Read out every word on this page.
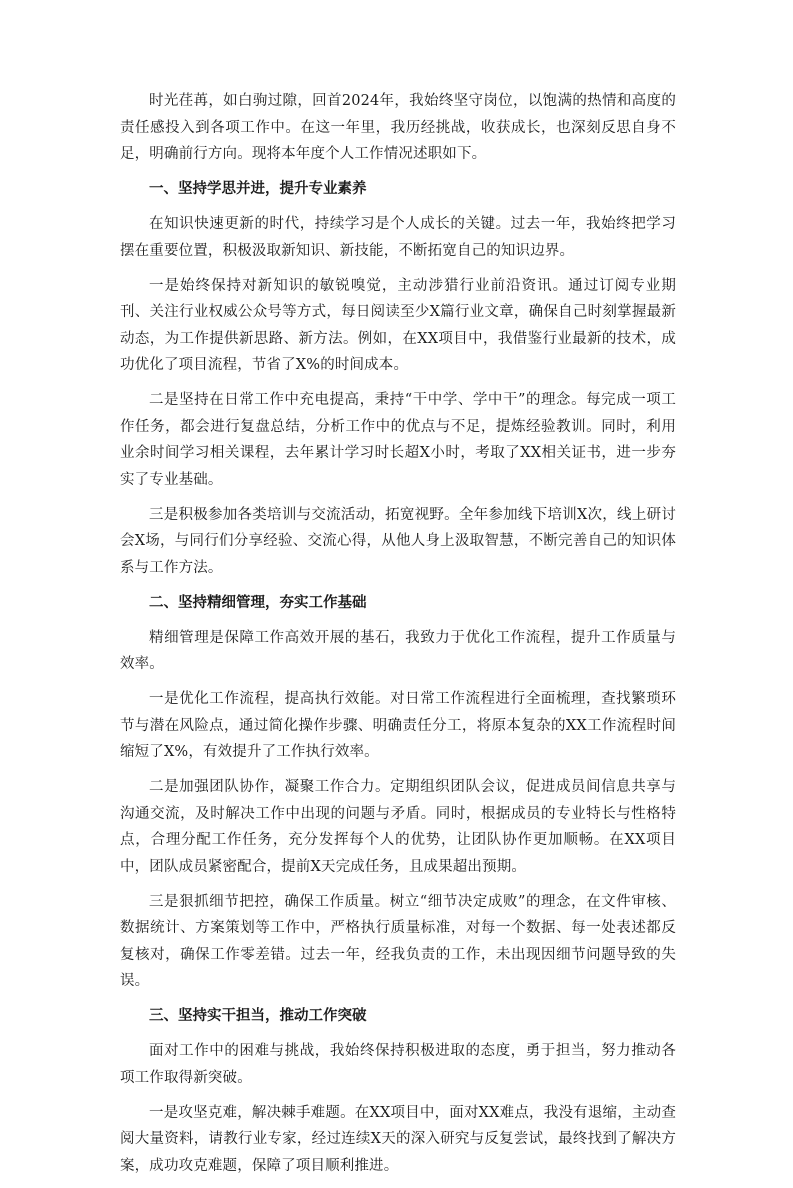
时光荏苒，如白驹过隙，回首2024年，我始终坚守岗位，以饱满的热情和高度的责任感投入到各项工作中。在这一年里，我历经挑战，收获成长，也深刻反思自身不足，明确前行方向。现将本年度个人工作情况述职如下。

一、坚持学思并进，提升专业素养

在知识快速更新的时代，持续学习是个人成长的关键。过去一年，我始终把学习摆在重要位置，积极汲取新知识、新技能，不断拓宽自己的知识边界。

一是始终保持对新知识的敏锐嗅觉，主动涉猎行业前沿资讯。通过订阅专业期刊、关注行业权威公众号等方式，每日阅读至少X篇行业文章，确保自己时刻掌握最新动态，为工作提供新思路、新方法。例如，在XX项目中，我借鉴行业最新的技术，成功优化了项目流程，节省了X%的时间成本。

二是坚持在日常工作中充电提高，秉持“干中学、学中干”的理念。每完成一项工作任务，都会进行复盘总结，分析工作中的优点与不足，提炼经验教训。同时，利用业余时间学习相关课程，去年累计学习时长超X小时，考取了XX相关证书，进一步夯实了专业基础。

三是积极参加各类培训与交流活动，拓宽视野。全年参加线下培训X次，线上研讨会X场，与同行们分享经验、交流心得，从他人身上汲取智慧，不断完善自己的知识体系与工作方法。

二、坚持精细管理，夯实工作基础

精细管理是保障工作高效开展的基石，我致力于优化工作流程，提升工作质量与效率。

一是优化工作流程，提高执行效能。对日常工作流程进行全面梳理，查找繁琐环节与潜在风险点，通过简化操作步骤、明确责任分工，将原本复杂的XX工作流程时间缩短了X%，有效提升了工作执行效率。

二是加强团队协作，凝聚工作合力。定期组织团队会议，促进成员间信息共享与沟通交流，及时解决工作中出现的问题与矛盾。同时，根据成员的专业特长与性格特点，合理分配工作任务，充分发挥每个人的优势，让团队协作更加顺畅。在XX项目中，团队成员紧密配合，提前X天完成任务，且成果超出预期。

三是狠抓细节把控，确保工作质量。树立“细节决定成败”的理念，在文件审核、数据统计、方案策划等工作中，严格执行质量标准，对每一个数据、每一处表述都反复核对，确保工作零差错。过去一年，经我负责的工作，未出现因细节问题导致的失误。

三、坚持实干担当，推动工作突破

面对工作中的困难与挑战，我始终保持积极进取的态度，勇于担当，努力推动各项工作取得新突破。

一是攻坚克难，解决棘手难题。在XX项目中，面对XX难点，我没有退缩，主动查阅大量资料，请教行业专家，经过连续X天的深入研究与反复尝试，最终找到了解决方案，成功攻克难题，保障了项目顺利推进。
